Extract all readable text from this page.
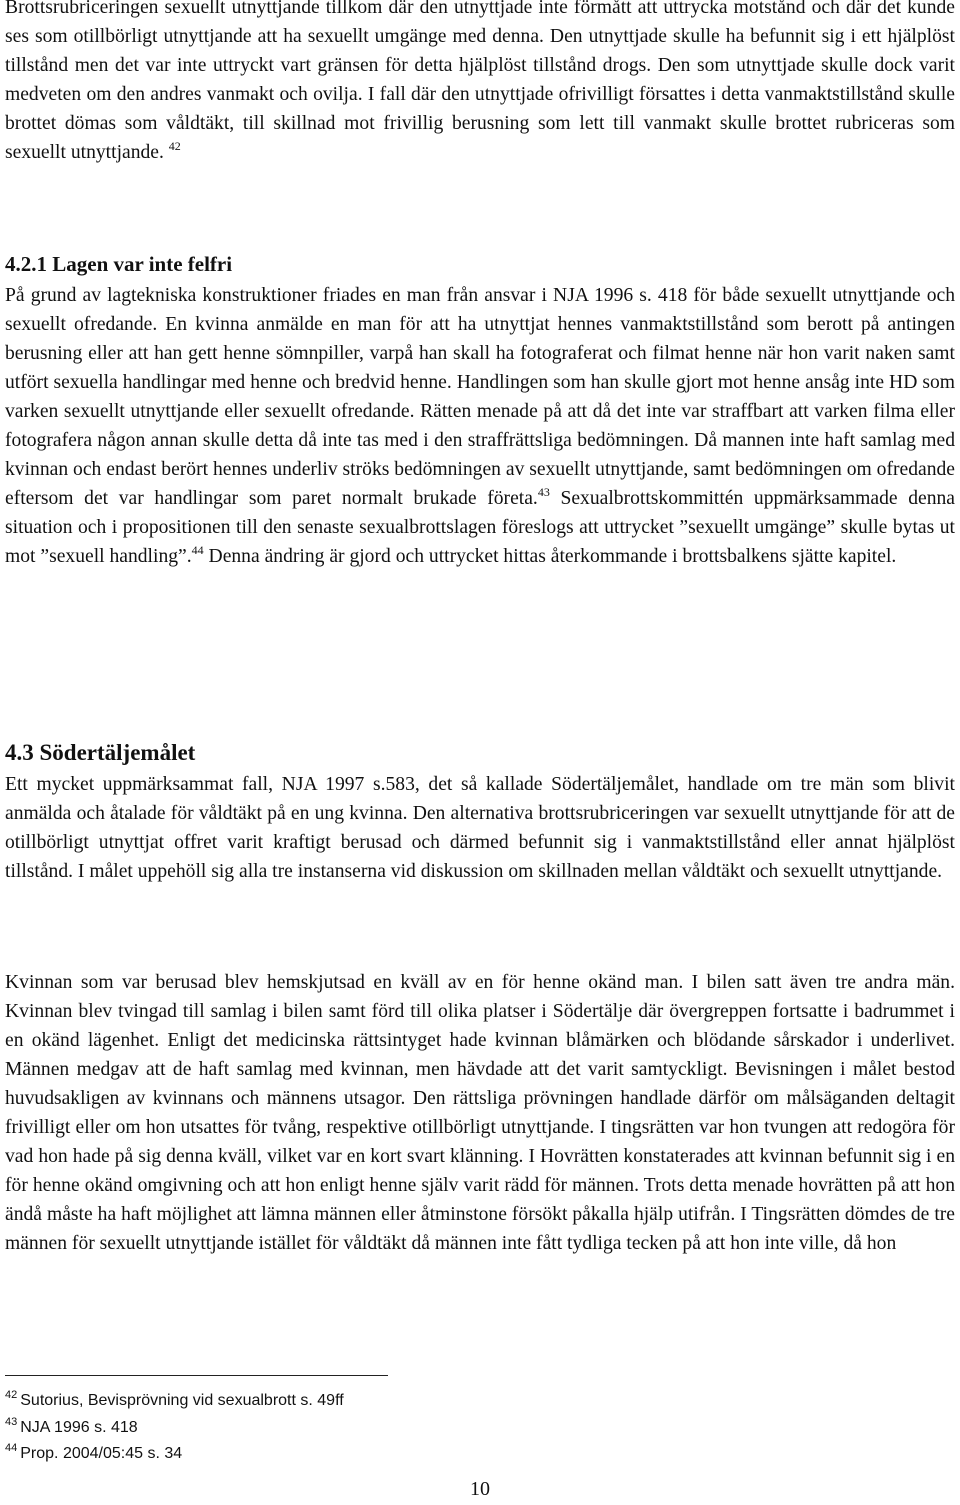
Brottsrubriceringen sexuellt utnyttjande tillkom där den utnyttjade inte förmått att uttrycka motstånd och där det kunde ses som otillbörligt utnyttjande att ha sexuellt umgänge med denna. Den utnyttjade skulle ha befunnit sig i ett hjälplöst tillstånd men det var inte uttryckt vart gränsen för detta hjälplöst tillstånd drogs. Den som utnyttjade skulle dock varit medveten om den andres vanmakt och ovilja. I fall där den utnyttjade ofrivilligt försattes i detta vanmaktstillstånd skulle brottet dömas som våldtäkt, till skillnad mot frivillig berusning som lett till vanmakt skulle brottet rubriceras som sexuellt utnyttjande. $^{42}$

4.2.1 Lagen var inte felfri

På grund av lagtekniska konstruktioner friades en man från ansvar i NJA 1996 s. 418 för både sexuellt utnyttjande och sexuellt ofredande. En kvinna anmälde en man för att ha utnyttjat hennes vanmaktstillstånd som berott på antingen berusning eller att han gett henne sömnpiller, varpå han skall ha fotograferat och filmat henne när hon varit naken samt utfört sexuella handlingar med henne och bredvid henne. Handlingen som han skulle gjort mot henne ansåg inte HD som varken sexuellt utnyttjande eller sexuellt ofredande. Rätten menade på att då det inte var straffbart att varken filma eller fotografera någon annan skulle detta då inte tas med i den straffrättsliga bedömningen. Då mannen inte haft samlag med kvinnan och endast berört hennes underliv ströks bedömningen av sexuellt utnyttjande, samt bedömningen om ofredande eftersom det var handlingar som paret normalt brukade företa.$^{43}$ Sexualbrottskommittén uppmärksammade denna situation och i propositionen till den senaste sexualbrottslagen föreslogs att uttrycket ”sexuellt umgänge” skulle bytas ut mot ”sexuell handling”.$^{44}$ Denna ändring är gjord och uttrycket hittas återkommande i brottsbalkens sjätte kapitel.

4.3 Södertäljemålet

Ett mycket uppmärksammat fall, NJA 1997 s.583, det så kallade Södertäljemålet, handlade om tre män som blivit anmälda och åtalade för våldtäkt på en ung kvinna. Den alternativa brottsrubriceringen var sexuellt utnyttjande för att de otillbörligt utnyttjat offret varit kraftigt berusad och därmed befunnit sig i vanmaktstillstånd eller annat hjälplöst tillstånd. I målet uppehöll sig alla tre instanserna vid diskussion om skillnaden mellan våldtäkt och sexuellt utnyttjande.

Kvinnan som var berusad blev hemskjutsad en kväll av en för henne okänd man. I bilen satt även tre andra män. Kvinnan blev tvingad till samlag i bilen samt förd till olika platser i Södertälje där övergreppen fortsatte i badrummet i en okänd lägenhet. Enligt det medicinska rättsintyget hade kvinnan blåmärken och blödande sårskador i underlivet. Männen medgav att de haft samlag med kvinnan, men hävdade att det varit samtyckligt. Bevisningen i målet bestod huvudsakligen av kvinnans och männens utsagor. Den rättsliga prövningen handlade därför om målsäganden deltagit frivilligt eller om hon utsattes för tvång, respektive otillbörligt utnyttjande. I tingsrätten var hon tvungen att redogöra för vad hon hade på sig denna kväll, vilket var en kort svart klänning. I Hovrätten konstaterades att kvinnan befunnit sig i en för henne okänd omgivning och att hon enligt henne själv varit rädd för männen. Trots detta menade hovrätten på att hon ändå måste ha haft möjlighet att lämna männen eller åtminstone försökt påkalla hjälp utifrån. I Tingsrätten dömdes de tre männen för sexuellt utnyttjande istället för våldtäkt då männen inte fått tydliga tecken på att hon inte ville, då hon

$^{42}$ Sutorius, Bevisprövning vid sexualbrott s. 49ff

$^{43}$ NJA 1996 s. 418

$^{44}$ Prop. 2004/05:45 s. 34

10
